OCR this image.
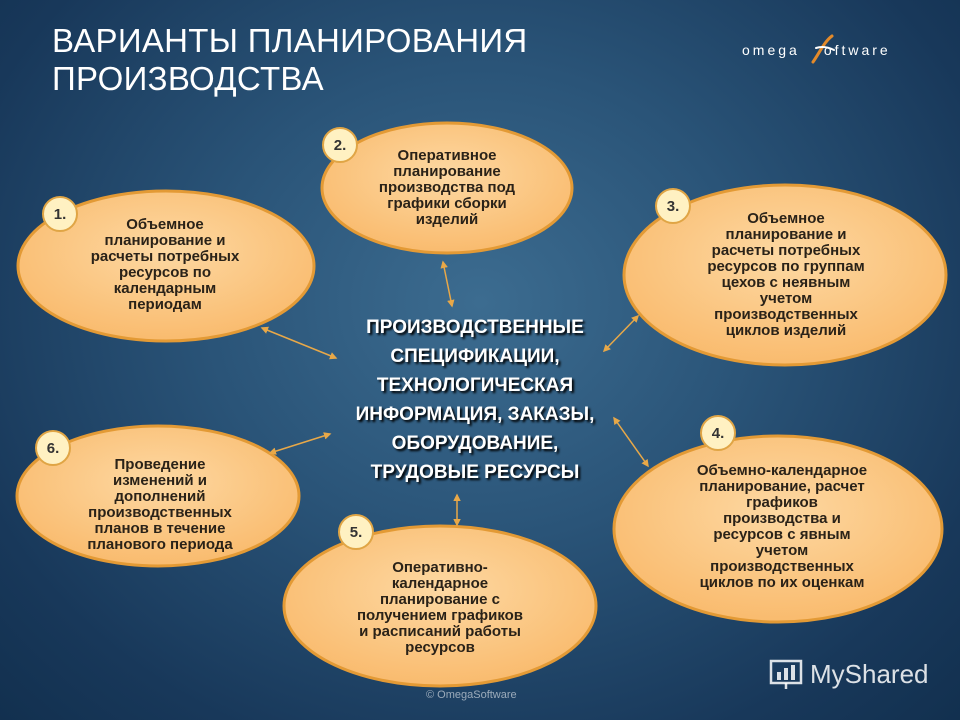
ВАРИАНТЫ ПЛАНИРОВАНИЯ
ПРОИЗВОДСТВА
omega oftware
Объемное
планирование и
расчеты потребных
ресурсов по
календарным
периодам
Оперативное
планирование
производства под
графики сборки
изделий	Объемное
планирование и
расчеты потребных
ресурсов по группам
цехов с неявным
учетом
производственных
циклов изделий
Объемно-календарное
планирование, расчет
графиков
производства и
ресурсов с явным
учетом
производственных
циклов по их оценкам
Оперативно-
календарное
планирование с
получением графиков
и расписаний работы
ресурсов
Проведение
изменений и
дополнений
производственных
планов в течение
планового периода
1.
2.
3.
4.
5.
6.
ПРОИЗВОДСТВЕННЫЕ
СПЕЦИФИКАЦИИ,
ТЕХНОЛОГИЧЕСКАЯ
ИНФОРМАЦИЯ, ЗАКАЗЫ,
ОБОРУДОВАНИЕ,
ТРУДОВЫЕ РЕСУРСЫ
MyShared
© OmegaSoftware
